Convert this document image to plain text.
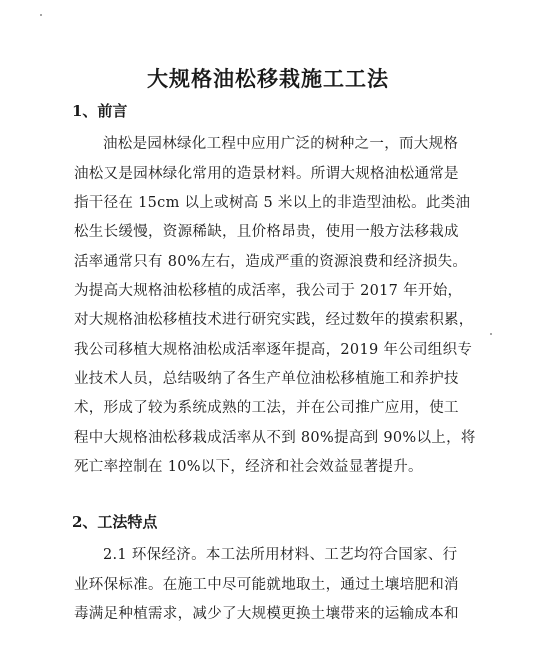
大规格油松移栽施工工法
1、前言
油松是园林绿化工程中应用广泛的树种之一，而大规格
油松又是园林绿化常用的造景材料。所谓大规格油松通常是
指干径在 15cm 以上或树高 5 米以上的非造型油松。此类油
松生长缓慢，资源稀缺，且价格昂贵，使用一般方法移栽成
活率通常只有 80%左右，造成严重的资源浪费和经济损失。
为提高大规格油松移植的成活率，我公司于 2017 年开始，
对大规格油松移植技术进行研究实践，经过数年的摸索积累，
我公司移植大规格油松成活率逐年提高，2019 年公司组织专
业技术人员，总结吸纳了各生产单位油松移植施工和养护技
术，形成了较为系统成熟的工法，并在公司推广应用，使工
程中大规格油松移栽成活率从不到 80%提高到 90%以上，将
死亡率控制在 10%以下，经济和社会效益显著提升。
2、工法特点
2.1 环保经济。本工法所用材料、工艺均符合国家、行
业环保标准。在施工中尽可能就地取土，通过土壤培肥和消
毒满足种植需求，减少了大规模更换土壤带来的运输成本和
